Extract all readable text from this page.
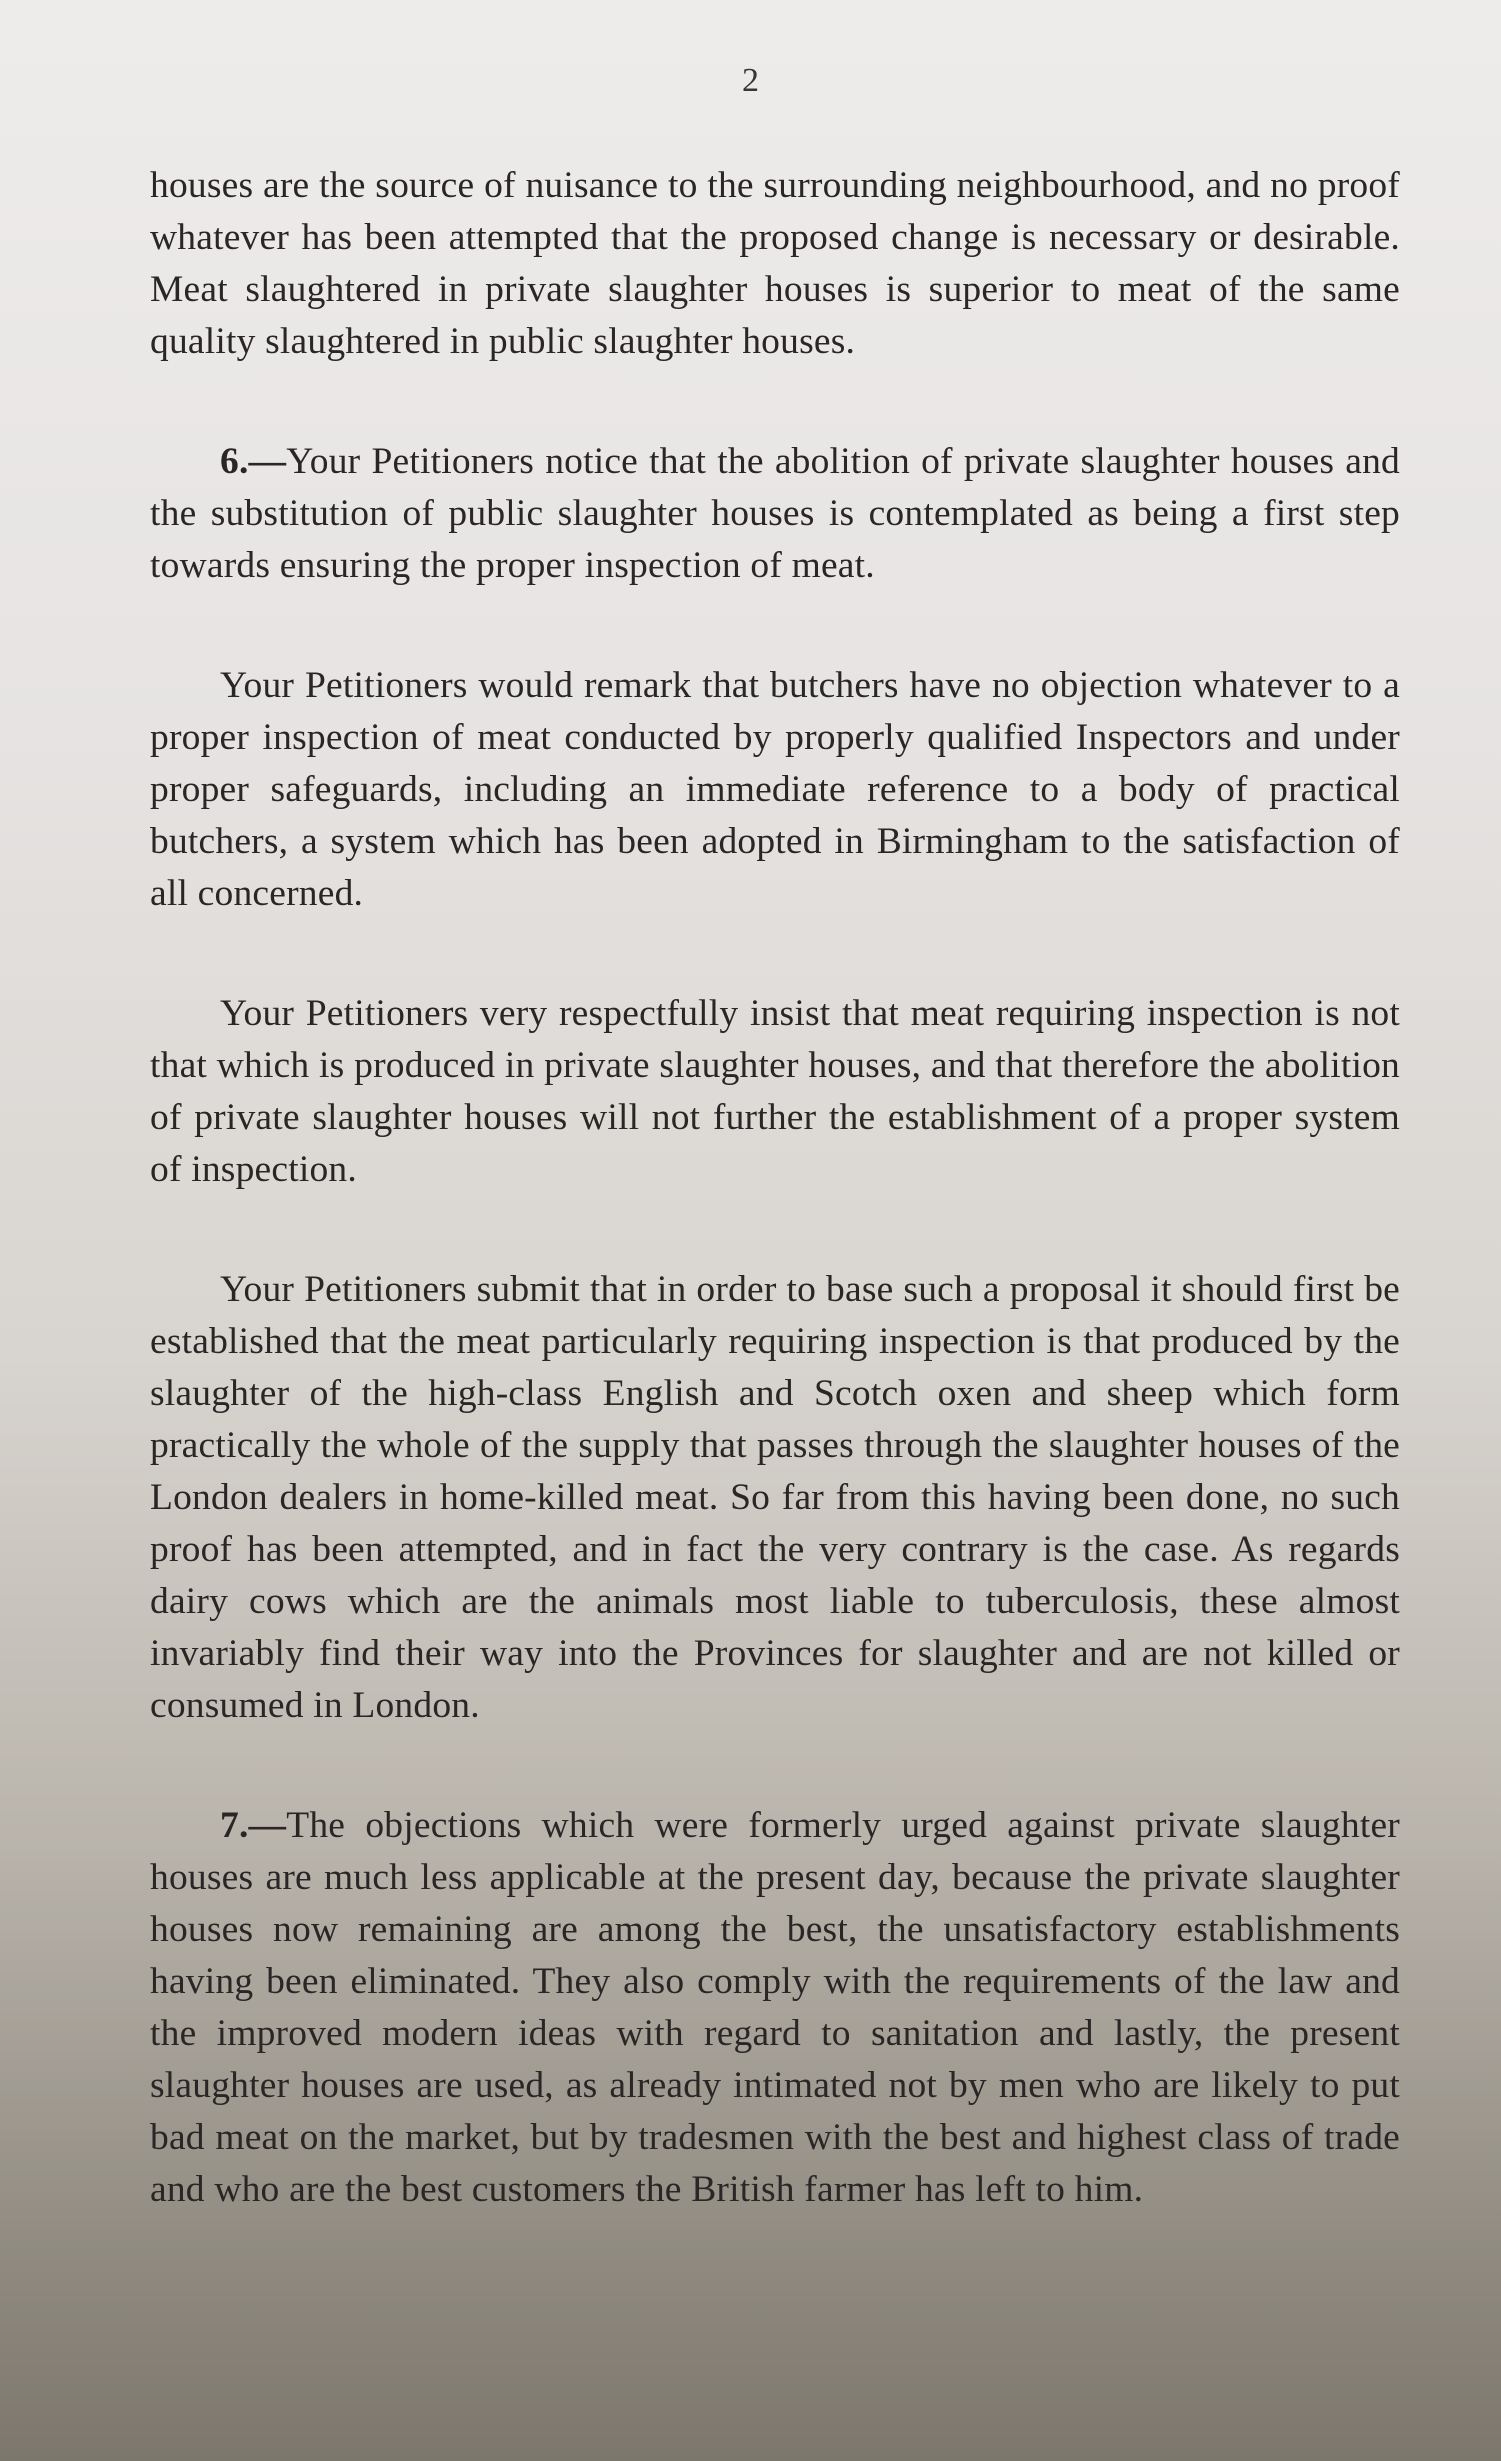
2

houses are the source of nuisance to the surrounding neighbourhood, and no proof whatever has been attempted that the proposed change is necessary or desirable. Meat slaughtered in private slaughter houses is superior to meat of the same quality slaughtered in public slaughter houses.

6.—Your Petitioners notice that the abolition of private slaughter houses and the substitution of public slaughter houses is contemplated as being a first step towards ensuring the proper inspection of meat.

Your Petitioners would remark that butchers have no objection whatever to a proper inspection of meat conducted by properly qualified Inspectors and under proper safeguards, including an immediate reference to a body of practical butchers, a system which has been adopted in Birmingham to the satisfaction of all concerned.

Your Petitioners very respectfully insist that meat requiring inspection is not that which is produced in private slaughter houses, and that therefore the abolition of private slaughter houses will not further the establishment of a proper system of inspection.

Your Petitioners submit that in order to base such a proposal it should first be established that the meat particularly requiring inspection is that produced by the slaughter of the high-class English and Scotch oxen and sheep which form practically the whole of the supply that passes through the slaughter houses of the London dealers in home-killed meat. So far from this having been done, no such proof has been attempted, and in fact the very contrary is the case. As regards dairy cows which are the animals most liable to tuberculosis, these almost invariably find their way into the Provinces for slaughter and are not killed or consumed in London.

7.—The objections which were formerly urged against private slaughter houses are much less applicable at the present day, because the private slaughter houses now remaining are among the best, the unsatisfactory establishments having been eliminated. They also comply with the requirements of the law and the improved modern ideas with regard to sanitation and lastly, the present slaughter houses are used, as already intimated not by men who are likely to put bad meat on the market, but by tradesmen with the best and highest class of trade and who are the best customers the British farmer has left to him.
